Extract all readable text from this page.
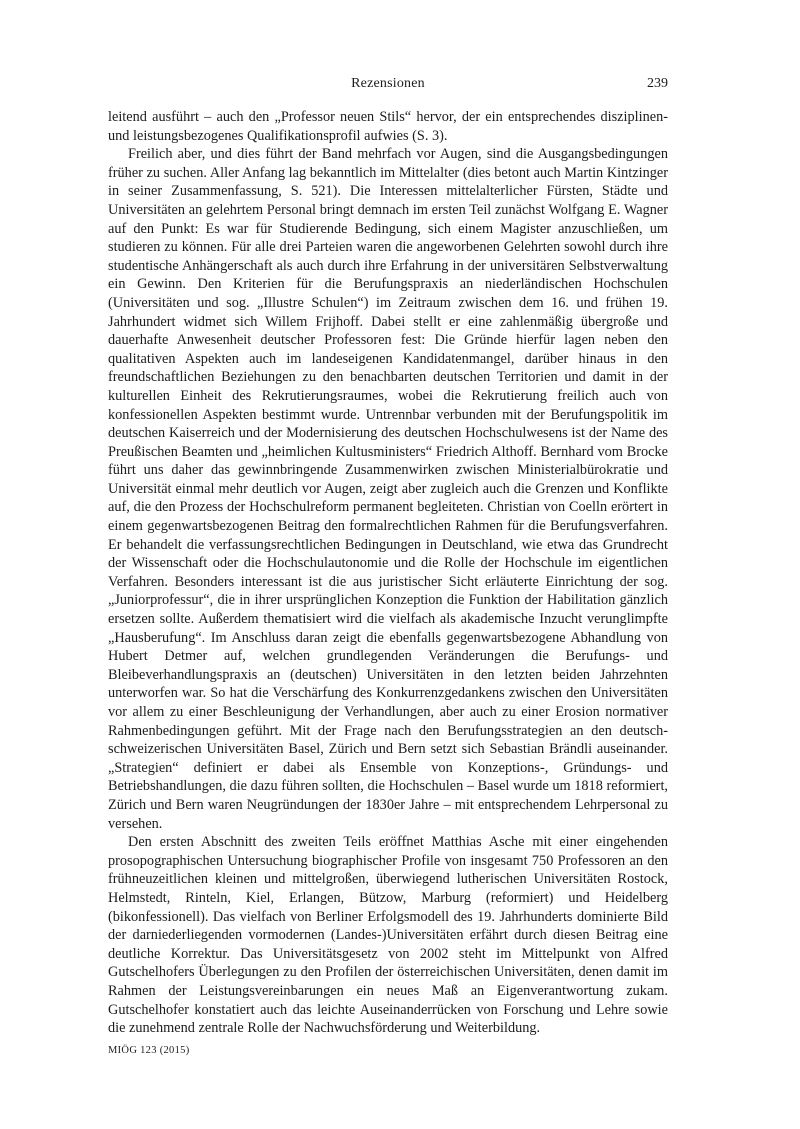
Rezensionen	239

leitend ausführt – auch den „Professor neuen Stils“ hervor, der ein entsprechendes disziplinen- und leistungsbezogenes Qualifikationsprofil aufwies (S. 3).

Freilich aber, und dies führt der Band mehrfach vor Augen, sind die Ausgangsbedingungen früher zu suchen. Aller Anfang lag bekanntlich im Mittelalter (dies betont auch Martin Kintzinger in seiner Zusammenfassung, S. 521). Die Interessen mittelalterlicher Fürsten, Städte und Universitäten an gelehrtem Personal bringt demnach im ersten Teil zunächst Wolfgang E. Wagner auf den Punkt: Es war für Studierende Bedingung, sich einem Magister anzuschließen, um studieren zu können. Für alle drei Parteien waren die angeworbenen Gelehrten sowohl durch ihre studentische Anhängerschaft als auch durch ihre Erfahrung in der universitären Selbstverwaltung ein Gewinn. Den Kriterien für die Berufungspraxis an niederländischen Hochschulen (Universitäten und sog. „Illustre Schulen“) im Zeitraum zwischen dem 16. und frühen 19. Jahrhundert widmet sich Willem Frijhoff. Dabei stellt er eine zahlenmäßig übergroße und dauerhafte Anwesenheit deutscher Professoren fest: Die Gründe hierfür lagen neben den qualitativen Aspekten auch im landeseigenen Kandidatenmangel, darüber hinaus in den freundschaftlichen Beziehungen zu den benachbarten deutschen Territorien und damit in der kulturellen Einheit des Rekrutierungsraumes, wobei die Rekrutierung freilich auch von konfessionellen Aspekten bestimmt wurde. Untrennbar verbunden mit der Berufungspolitik im deutschen Kaiserreich und der Modernisierung des deutschen Hochschulwesens ist der Name des Preußischen Beamten und „heimlichen Kultusministers“ Friedrich Althoff. Bernhard vom Brocke führt uns daher das gewinnbringende Zusammenwirken zwischen Ministerialbürokratie und Universität einmal mehr deutlich vor Augen, zeigt aber zugleich auch die Grenzen und Konflikte auf, die den Prozess der Hochschulreform permanent begleiteten. Christian von Coelln erörtert in einem gegenwartsbezogenen Beitrag den formalrechtlichen Rahmen für die Berufungsverfahren. Er behandelt die verfassungsrechtlichen Bedingungen in Deutschland, wie etwa das Grundrecht der Wissenschaft oder die Hochschulautonomie und die Rolle der Hochschule im eigentlichen Verfahren. Besonders interessant ist die aus juristischer Sicht erläuterte Einrichtung der sog. „Juniorprofessur“, die in ihrer ursprünglichen Konzeption die Funktion der Habilitation gänzlich ersetzen sollte. Außerdem thematisiert wird die vielfach als akademische Inzucht verunglimpfte „Hausberufung“. Im Anschluss daran zeigt die ebenfalls gegenwartsbezogene Abhandlung von Hubert Detmer auf, welchen grundlegenden Veränderungen die Berufungs- und Bleibeverhandlungspraxis an (deutschen) Universitäten in den letzten beiden Jahrzehnten unterworfen war. So hat die Verschärfung des Konkurrenzgedankens zwischen den Universitäten vor allem zu einer Beschleunigung der Verhandlungen, aber auch zu einer Erosion normativer Rahmenbedingungen geführt. Mit der Frage nach den Berufungsstrategien an den deutsch-schweizerischen Universitäten Basel, Zürich und Bern setzt sich Sebastian Brändli auseinander. „Strategien“ definiert er dabei als Ensemble von Konzeptions-, Gründungs- und Betriebshandlungen, die dazu führen sollten, die Hochschulen – Basel wurde um 1818 reformiert, Zürich und Bern waren Neugründungen der 1830er Jahre – mit entsprechendem Lehrpersonal zu versehen.

Den ersten Abschnitt des zweiten Teils eröffnet Matthias Asche mit einer eingehenden prosopographischen Untersuchung biographischer Profile von insgesamt 750 Professoren an den frühneuzeitlichen kleinen und mittelgroßen, überwiegend lutherischen Universitäten Rostock, Helmstedt, Rinteln, Kiel, Erlangen, Bützow, Marburg (reformiert) und Heidelberg (bikonfessionell). Das vielfach von Berliner Erfolgsmodell des 19. Jahrhunderts dominierte Bild der darniederliegenden vormodernen (Landes-)Universitäten erfährt durch diesen Beitrag eine deutliche Korrektur. Das Universitätsgesetz von 2002 steht im Mittelpunkt von Alfred Gutschelhofers Überlegungen zu den Profilen der österreichischen Universitäten, denen damit im Rahmen der Leistungsvereinbarungen ein neues Maß an Eigenverantwortung zukam. Gutschelhofer konstatiert auch das leichte Auseinanderrücken von Forschung und Lehre sowie die zunehmend zentrale Rolle der Nachwuchsförderung und Weiterbildung.

MIÖG 123 (2015)
